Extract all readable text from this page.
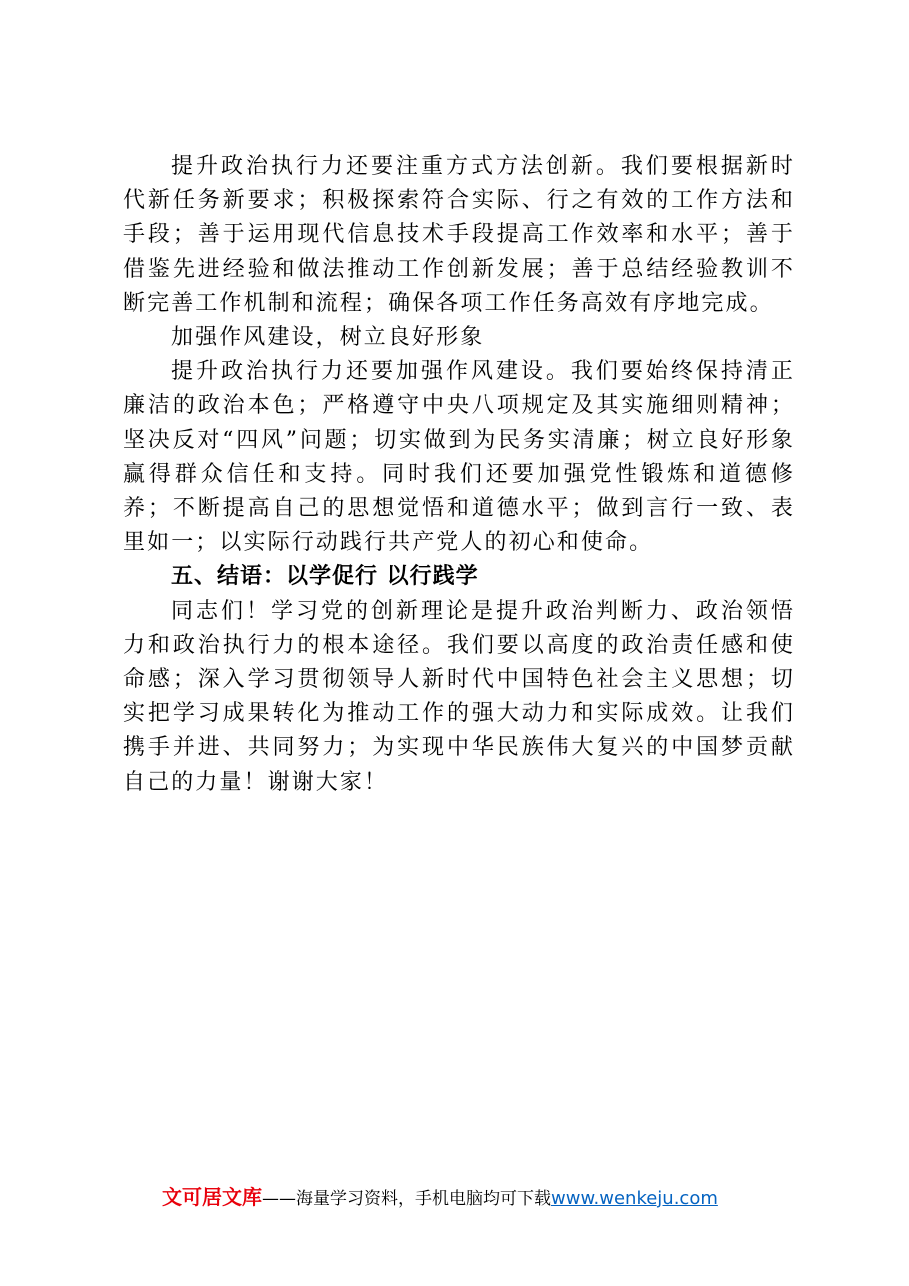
提升政治执行力还要注重方式方法创新。我们要根据新时代新任务新要求；积极探索符合实际、行之有效的工作方法和手段；善于运用现代信息技术手段提高工作效率和水平；善于借鉴先进经验和做法推动工作创新发展；善于总结经验教训不断完善工作机制和流程；确保各项工作任务高效有序地完成。

加强作风建设，树立良好形象

提升政治执行力还要加强作风建设。我们要始终保持清正廉洁的政治本色；严格遵守中央八项规定及其实施细则精神；坚决反对“四风”问题；切实做到为民务实清廉；树立良好形象赢得群众信任和支持。同时我们还要加强党性锻炼和道德修养；不断提高自己的思想觉悟和道德水平；做到言行一致、表里如一；以实际行动践行共产党人的初心和使命。

五、结语：以学促行 以行践学

同志们！学习党的创新理论是提升政治判断力、政治领悟力和政治执行力的根本途径。我们要以高度的政治责任感和使命感；深入学习贯彻领导人新时代中国特色社会主义思想；切实把学习成果转化为推动工作的强大动力和实际成效。让我们携手并进、共同努力；为实现中华民族伟大复兴的中国梦贡献自己的力量！谢谢大家！

文可居文库——海量学习资料，手机电脑均可下载www.wenkeju.com
